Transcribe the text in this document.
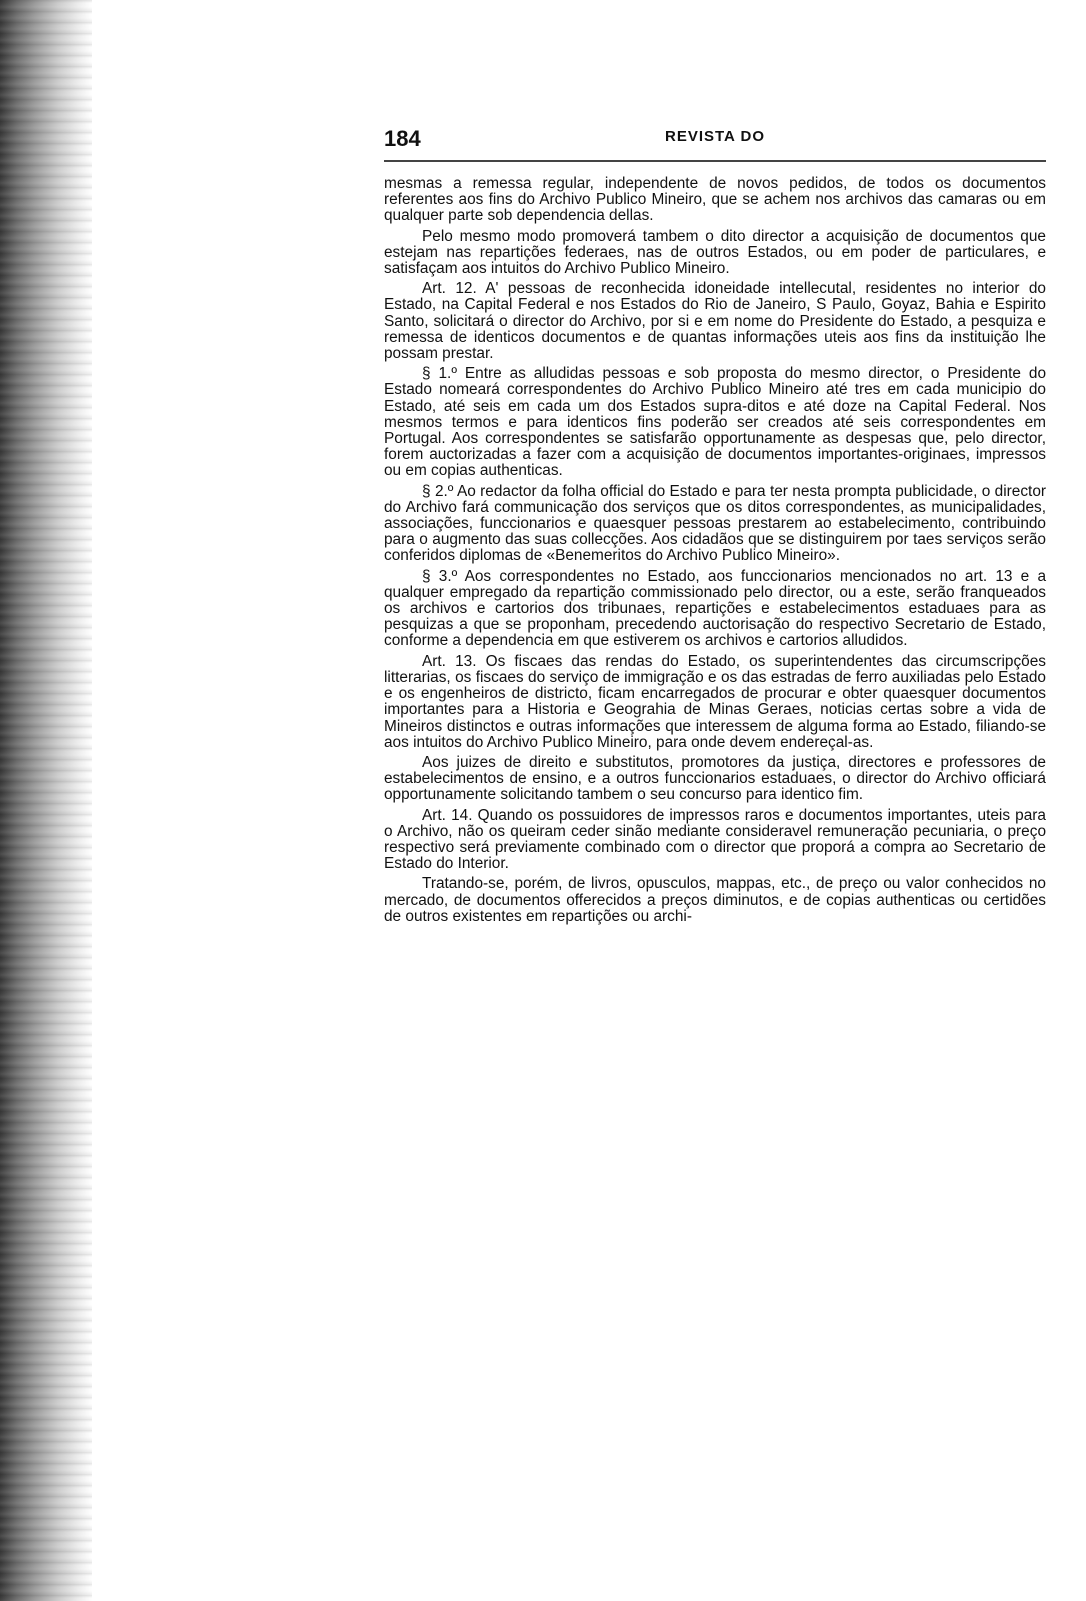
184	REVISTA DO

mesmas a remessa regular, independente de novos pedidos, de todos os documentos referentes aos fins do Archivo Publico Mineiro, que se achem nos archivos das camaras ou em qualquer parte sob dependencia dellas.

Pelo mesmo modo promoverá tambem o dito director a acquisição de documentos que estejam nas repartições federaes, nas de outros Estados, ou em poder de particulares, e satisfaçam aos intuitos do Archivo Publico Mineiro.

Art. 12. A' pessoas de reconhecida idoneidade intellecutal, residentes no interior do Estado, na Capital Federal e nos Estados do Rio de Janeiro, S Paulo, Goyaz, Bahia e Espirito Santo, solicitará o director do Archivo, por si e em nome do Presidente do Estado, a pesquiza e remessa de identicos documentos e de quantas informações uteis aos fins da instituição lhe possam prestar.

§ 1.º Entre as alludidas pessoas e sob proposta do mesmo director, o Presidente do Estado nomeará correspondentes do Archivo Publico Mineiro até tres em cada municipio do Estado, até seis em cada um dos Estados supra-ditos e até doze na Capital Federal. Nos mesmos termos e para identicos fins poderão ser creados até seis correspondentes em Portugal. Aos correspondentes se satisfarão opportunamente as despesas que, pelo director, forem auctorizadas a fazer com a acquisição de documentos importantes-originaes, impressos ou em copias authenticas.

§ 2.º Ao redactor da folha official do Estado e para ter nesta prompta publicidade, o director do Archivo fará communicação dos serviços que os ditos correspondentes, as municipalidades, associações, funccionarios e quaesquer pessoas prestarem ao estabelecimento, contribuindo para o augmento das suas collecções. Aos cidadãos que se distinguirem por taes serviços serão conferidos diplomas de «Benemeritos do Archivo Publico Mineiro».

§ 3.º Aos correspondentes no Estado, aos funccionarios mencionados no art. 13 e a qualquer empregado da repartição commissionado pelo director, ou a este, serão franqueados os archivos e cartorios dos tribunaes, repartições e estabelecimentos estaduaes para as pesquizas a que se proponham, precedendo auctorisação do respectivo Secretario de Estado, conforme a dependencia em que estiverem os archivos e cartorios alludidos.

Art. 13. Os fiscaes das rendas do Estado, os superintendentes das circumscripções litterarias, os fiscaes do serviço de immigração e os das estradas de ferro auxiliadas pelo Estado e os engenheiros de districto, ficam encarregados de procurar e obter quaesquer documentos importantes para a Historia e Geograhia de Minas Geraes, noticias certas sobre a vida de Mineiros distinctos e outras informações que interessem de alguma forma ao Estado, filiando-se aos intuitos do Archivo Publico Mineiro, para onde devem endereçal-as.

Aos juizes de direito e substitutos, promotores da justiça, directores e professores de estabelecimentos de ensino, e a outros funccionarios estaduaes, o director do Archivo officiará opportunamente solicitando tambem o seu concurso para identico fim.

Art. 14. Quando os possuidores de impressos raros e documentos importantes, uteis para o Archivo, não os queiram ceder sinão mediante consideravel remuneração pecuniaria, o preço respectivo será previamente combinado com o director que proporá a compra ao Secretario de Estado do Interior.

Tratando-se, porém, de livros, opusculos, mappas, etc., de preço ou valor conhecidos no mercado, de documentos offerecidos a preços diminutos, e de copias authenticas ou certidões de outros existentes em repartições ou archi-
